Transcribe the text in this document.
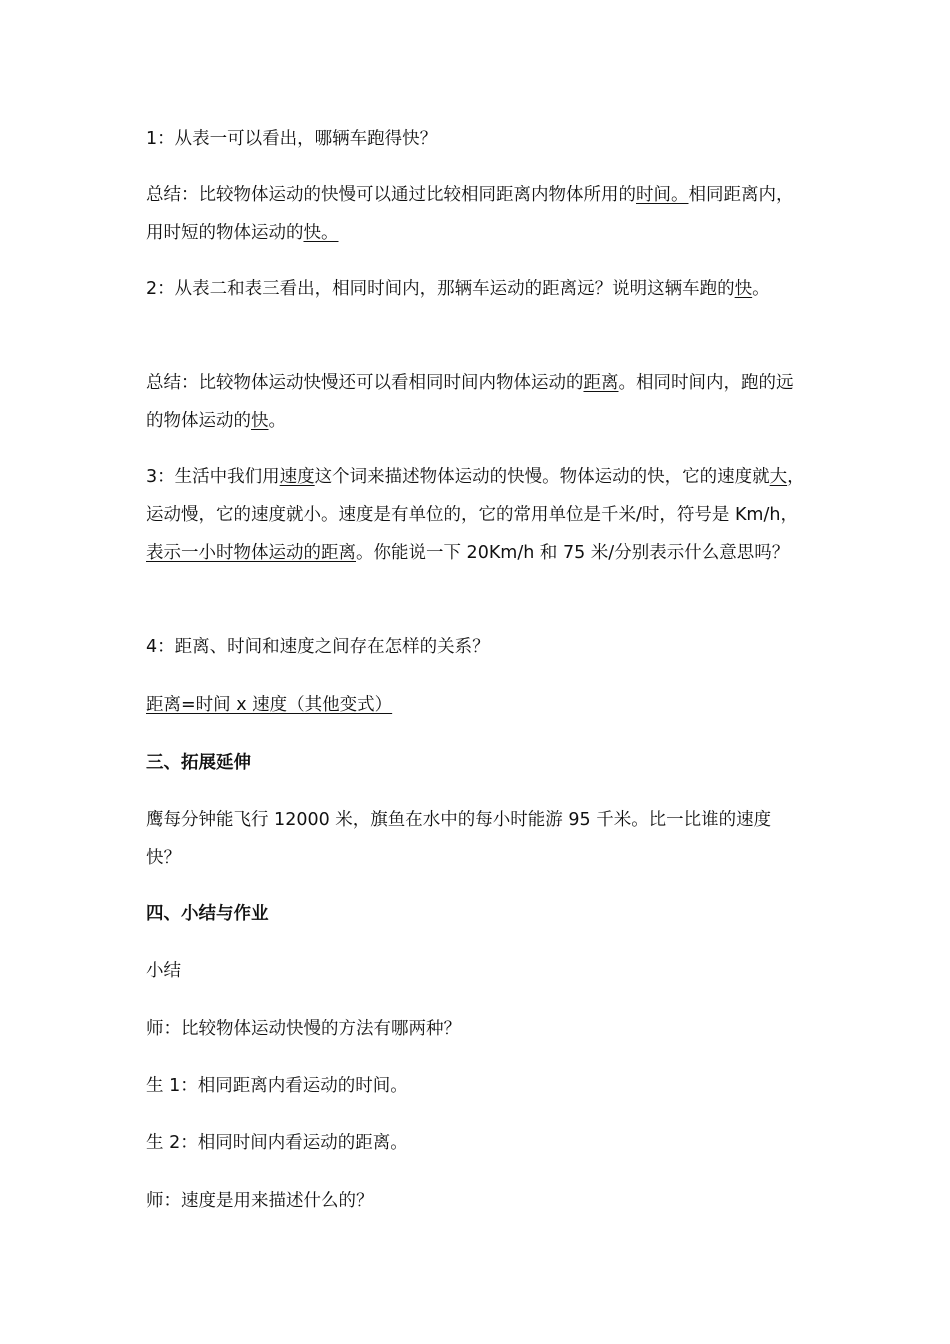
1：从表一可以看出，哪辆车跑得快？

总结：比较物体运动的快慢可以通过比较相同距离内物体所用的时间。相同距离内，用时短的物体运动的快。

2：从表二和表三看出，相同时间内，那辆车运动的距离远？说明这辆车跑的快。

总结：比较物体运动快慢还可以看相同时间内物体运动的距离。相同时间内，跑的远的物体运动的快。

3：生活中我们用速度这个词来描述物体运动的快慢。物体运动的快，它的速度就大，运动慢，它的速度就小。速度是有单位的，它的常用单位是千米/时，符号是 Km/h，表示一小时物体运动的距离。你能说一下 20Km/h 和 75 米/分别表示什么意思吗？

4：距离、时间和速度之间存在怎样的关系？

距离=时间 x 速度（其他变式）

三、拓展延伸

鹰每分钟能飞行 12000 米，旗鱼在水中的每小时能游 95 千米。比一比谁的速度快？

四、小结与作业

小结

师：比较物体运动快慢的方法有哪两种？

生 1：相同距离内看运动的时间。

生 2：相同时间内看运动的距离。

师：速度是用来描述什么的？
